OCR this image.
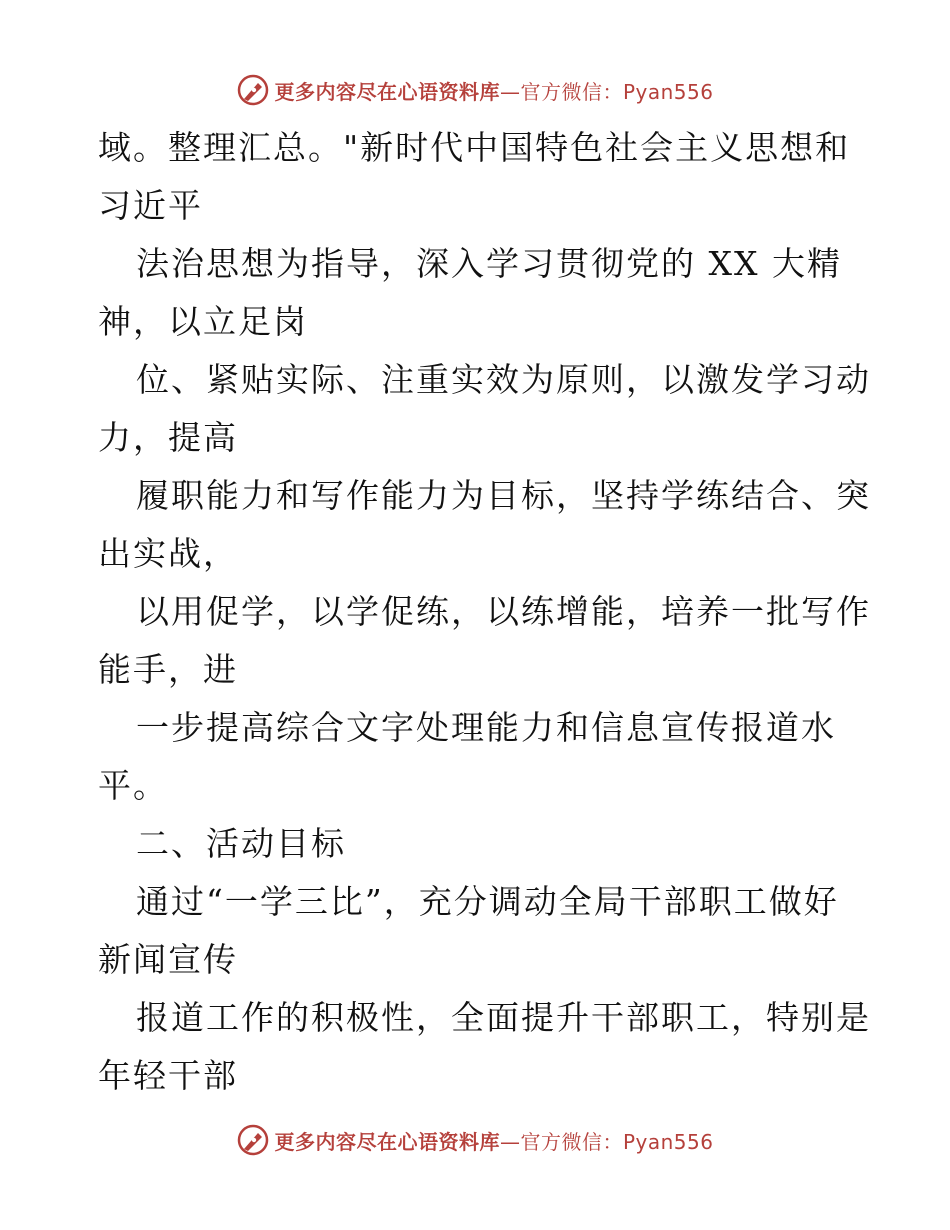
更多内容尽在心语资料库—官方微信：Pyan556
域。整理汇总。"新时代中国特色社会主义思想和
习近平
法治思想为指导，深入学习贯彻党的 XX 大精
神，以立足岗
位、紧贴实际、注重实效为原则，以激发学习动
力，提高
履职能力和写作能力为目标，坚持学练结合、突
出实战，
以用促学，以学促练，以练增能，培养一批写作
能手，进
一步提高综合文字处理能力和信息宣传报道水
平。
二、活动目标
通过“一学三比”，充分调动全局干部职工做好
新闻宣传
报道工作的积极性，全面提升干部职工，特别是
年轻干部
更多内容尽在心语资料库—官方微信：Pyan556
